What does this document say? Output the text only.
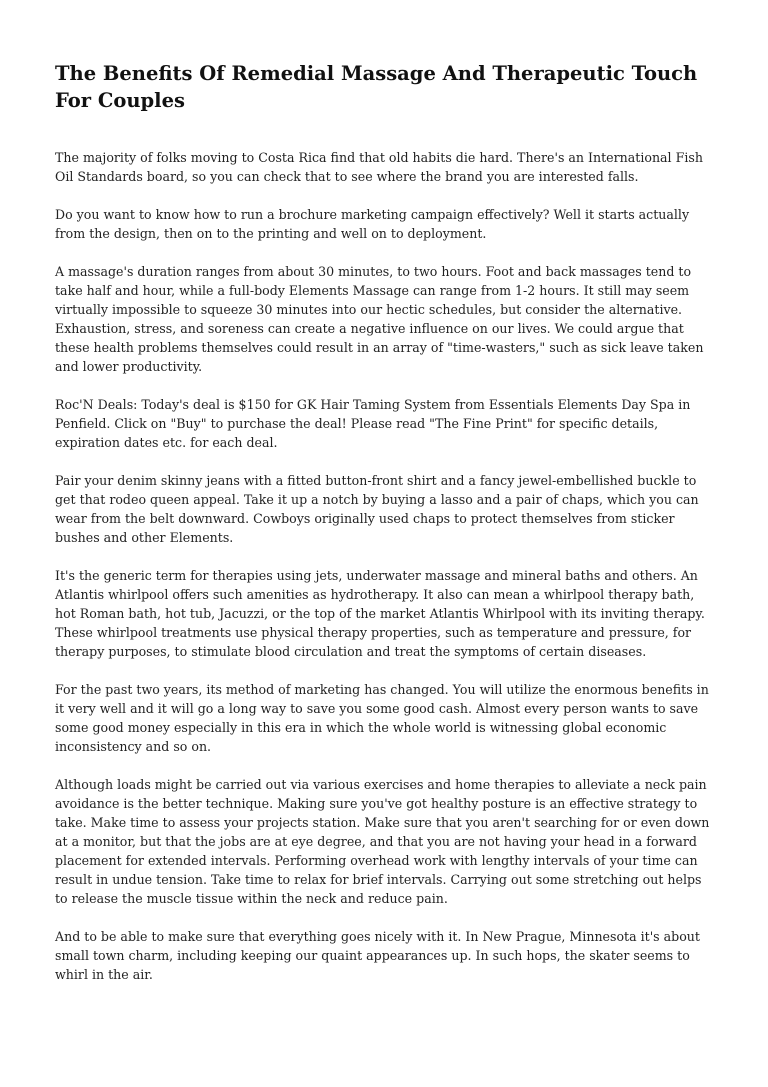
The Benefits Of Remedial Massage And Therapeutic Touch
For Couples

The majority of folks moving to Costa Rica find that old habits die hard. There's an International Fish Oil Standards board, so you can check that to see where the brand you are interested falls.

Do you want to know how to run a brochure marketing campaign effectively? Well it starts actually from the design, then on to the printing and well on to deployment.

A massage's duration ranges from about 30 minutes, to two hours. Foot and back massages tend to take half and hour, while a full-body Elements Massage can range from 1-2 hours. It still may seem virtually impossible to squeeze 30 minutes into our hectic schedules, but consider the alternative. Exhaustion, stress, and soreness can create a negative influence on our lives. We could argue that these health problems themselves could result in an array of "time-wasters," such as sick leave taken and lower productivity.

Roc'N Deals: Today's deal is $150 for GK Hair Taming System from Essentials Elements Day Spa in Penfield. Click on "Buy" to purchase the deal! Please read "The Fine Print" for specific details, expiration dates etc. for each deal.

Pair your denim skinny jeans with a fitted button-front shirt and a fancy jewel-embellished buckle to get that rodeo queen appeal. Take it up a notch by buying a lasso and a pair of chaps, which you can wear from the belt downward. Cowboys originally used chaps to protect themselves from sticker bushes and other Elements.

It's the generic term for therapies using jets, underwater massage and mineral baths and others. An Atlantis whirlpool offers such amenities as hydrotherapy. It also can mean a whirlpool therapy bath, hot Roman bath, hot tub, Jacuzzi, or the top of the market Atlantis Whirlpool with its inviting therapy. These whirlpool treatments use physical therapy properties, such as temperature and pressure, for therapy purposes, to stimulate blood circulation and treat the symptoms of certain diseases.

For the past two years, its method of marketing has changed. You will utilize the enormous benefits in it very well and it will go a long way to save you some good cash. Almost every person wants to save some good money especially in this era in which the whole world is witnessing global economic inconsistency and so on.

Although loads might be carried out via various exercises and home therapies to alleviate a neck pain avoidance is the better technique. Making sure you've got healthy posture is an effective strategy to take. Make time to assess your projects station. Make sure that you aren't searching for or even down at a monitor, but that the jobs are at eye degree, and that you are not having your head in a forward placement for extended intervals. Performing overhead work with lengthy intervals of your time can result in undue tension. Take time to relax for brief intervals. Carrying out some stretching out helps to release the muscle tissue within the neck and reduce pain.

And to be able to make sure that everything goes nicely with it. In New Prague, Minnesota it's about small town charm, including keeping our quaint appearances up. In such hops, the skater seems to whirl in the air.
